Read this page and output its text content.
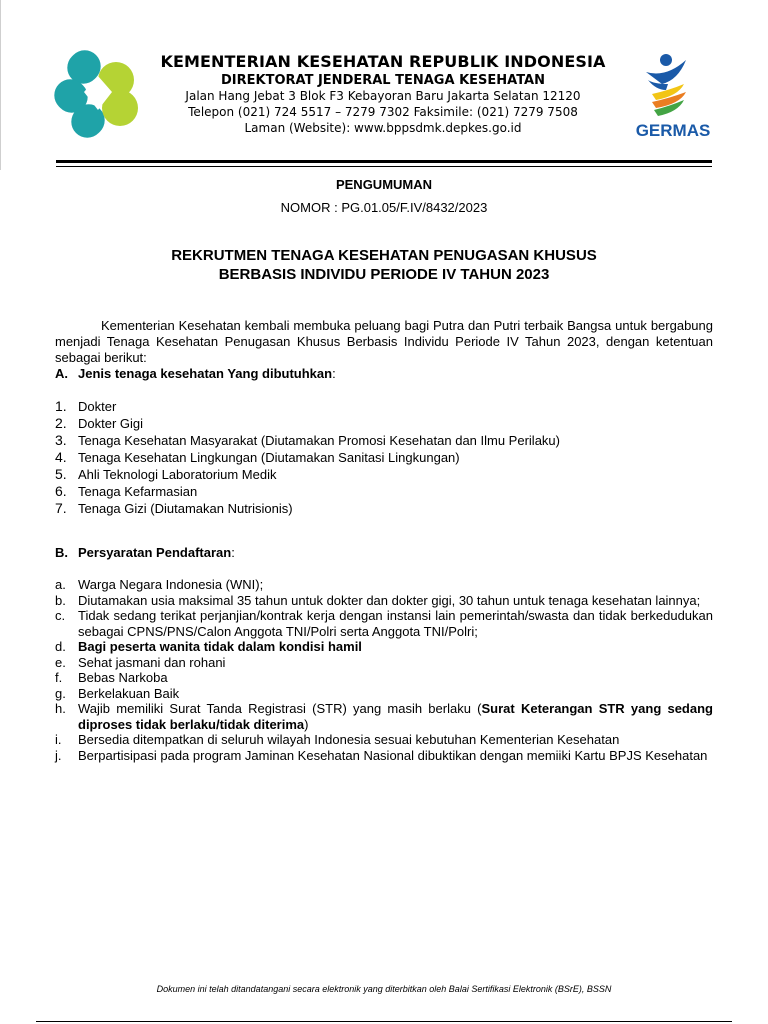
KEMENTERIAN KESEHATAN REPUBLIK INDONESIA
DIREKTORAT JENDERAL TENAGA KESEHATAN
Jalan Hang Jebat 3 Blok F3 Kebayoran Baru Jakarta Selatan 12120
Telepon (021) 724 5517 – 7279 7302 Faksimile: (021) 7279 7508
Laman (Website): www.bppsdmk.depkes.go.id	GERMAS
PENGUMUMAN
NOMOR : PG.01.05/F.IV/8432/2023
REKRUTMEN TENAGA KESEHATAN PENUGASAN KHUSUS
BERBASIS INDIVIDU PERIODE IV TAHUN 2023
Kementerian Kesehatan kembali membuka peluang bagi Putra dan Putri terbaik Bangsa untuk bergabung menjadi Tenaga Kesehatan Penugasan Khusus Berbasis Individu Periode IV Tahun 2023, dengan ketentuan sebagai berikut:
A. Jenis tenaga kesehatan Yang dibutuhkan:
1. Dokter
2. Dokter Gigi
3. Tenaga Kesehatan Masyarakat (Diutamakan Promosi Kesehatan dan Ilmu Perilaku)
4. Tenaga Kesehatan Lingkungan (Diutamakan Sanitasi Lingkungan)
5. Ahli Teknologi Laboratorium Medik
6. Tenaga Kefarmasian
7. Tenaga Gizi (Diutamakan Nutrisionis)
B. Persyaratan Pendaftaran:
a. Warga Negara Indonesia (WNI);
b. Diutamakan usia maksimal 35 tahun untuk dokter dan dokter gigi, 30 tahun untuk tenaga kesehatan lainnya;
c. Tidak sedang terikat perjanjian/kontrak kerja dengan instansi lain pemerintah/swasta dan tidak berkedudukan sebagai CPNS/PNS/Calon Anggota TNI/Polri serta Anggota TNI/Polri;
d. Bagi peserta wanita tidak dalam kondisi hamil
e. Sehat jasmani dan rohani
f.	Bebas Narkoba
g. Berkelakuan Baik
h. Wajib memiliki Surat Tanda Registrasi (STR) yang masih berlaku (Surat Keterangan STR yang sedang diproses tidak berlaku/tidak diterima)
i.	Bersedia ditempatkan di seluruh wilayah Indonesia sesuai kebutuhan Kementerian Kesehatan
j.	Berpartisipasi pada program Jaminan Kesehatan Nasional dibuktikan dengan memiiki Kartu BPJS Kesehatan
Dokumen ini telah ditandatangani secara elektronik yang diterbitkan oleh Balai Sertifikasi Elektronik (BSrE), BSSN
